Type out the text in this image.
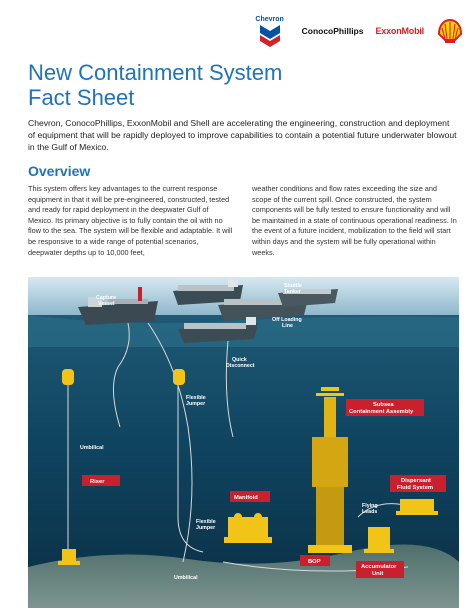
Chevron
ConocoPhillips ExxonMobil
New Containment System
Fact Sheet

Chevron, ConocoPhillips, ExxonMobil and Shell are accelerating the engineering, construction and deployment of equipment that will be rapidly deployed to improve capabilities to contain a potential future underwater blowout in the Gulf of Mexico.

Overview

This system offers key advantages to the current response equipment in that it will be pre-engineered, constructed, tested and ready for rapid deployment in the deepwater Gulf of Mexico. Its primary objective is to fully contain the oil with no flow to the sea. The system will be flexible and adaptable. It will be responsive to a wide range of potential scenarios, deepwater depths up to 10,000 feet,

weather conditions and flow rates exceeding the size and scope of the current spill. Once constructed, the system components will be fully tested to ensure functionality and will be maintained in a state of continuous operational readiness. In the event of a future incident, mobilization to the field will start within days and the system will be fully operational within weeks.

Capture
Vessel
Shuttle
Tanker
Off Loading
Line
Quick
Disconnect
Flexible
Jumper
Umbilical
Flexible
Jumper
Flying
Leads
Umbilical
Riser
Manifold
Subsea
Containment Assembly
Dispersant
Fluid System
BOP
Accumulator
Unit
